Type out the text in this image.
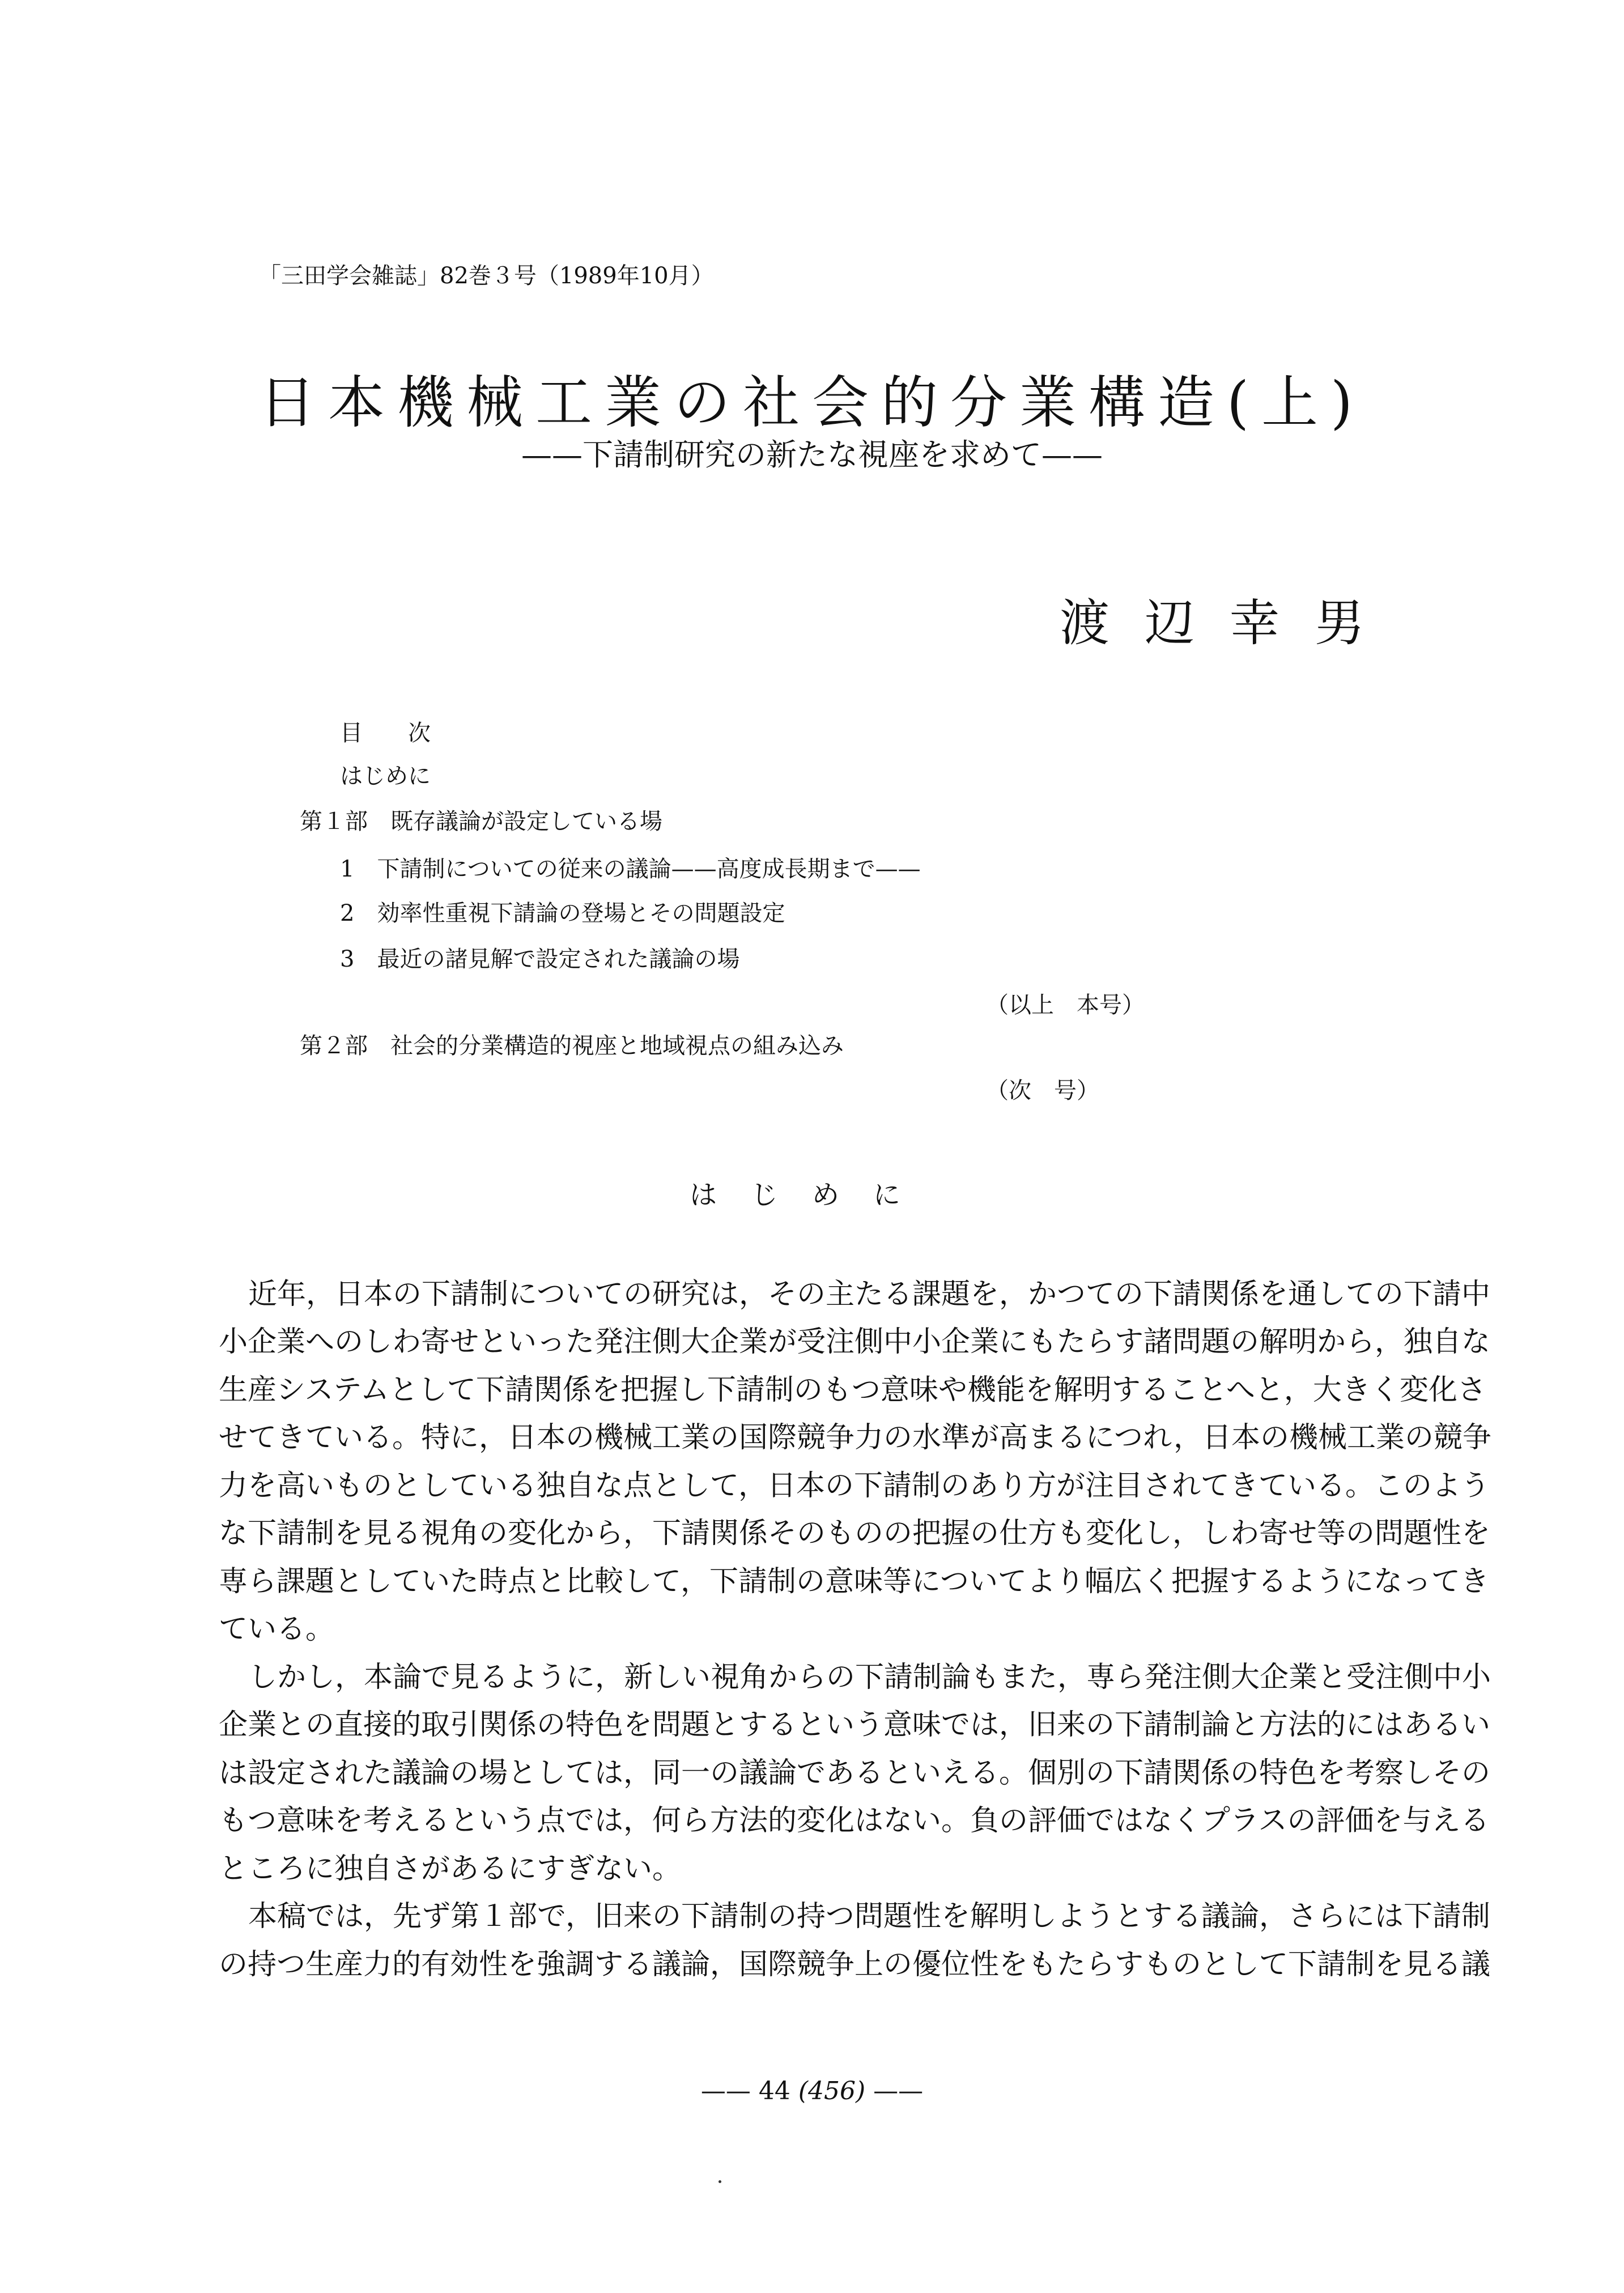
「三田学会雑誌」82巻３号（1989年10月）
日本機械工業の社会的分業構造(上)
——下請制研究の新たな視座を求めて——
渡辺幸男
目　次
はじめに
第１部　既存議論が設定している場
1　下請制についての従来の議論——高度成長期まで——
2　効率性重視下請論の登場とその問題設定
3　最近の諸見解で設定された議論の場
（以上　本号）
第２部　社会的分業構造的視座と地域視点の組み込み
（次　号）
はじめに
近年，日本の下請制についての研究は，その主たる課題を，かつての下請関係を通しての下請中
小企業へのしわ寄せといった発注側大企業が受注側中小企業にもたらす諸問題の解明から，独自な
生産システムとして下請関係を把握し下請制のもつ意味や機能を解明することへと，大きく変化さ
せてきている。特に，日本の機械工業の国際競争力の水準が高まるにつれ，日本の機械工業の競争
力を高いものとしている独自な点として，日本の下請制のあり方が注目されてきている。このよう
な下請制を見る視角の変化から，下請関係そのものの把握の仕方も変化し，しわ寄せ等の問題性を
専ら課題としていた時点と比較して，下請制の意味等についてより幅広く把握するようになってき
ている。
しかし，本論で見るように，新しい視角からの下請制論もまた，専ら発注側大企業と受注側中小
企業との直接的取引関係の特色を問題とするという意味では，旧来の下請制論と方法的にはあるい
は設定された議論の場としては，同一の議論であるといえる。個別の下請関係の特色を考察しその
もつ意味を考えるという点では，何ら方法的変化はない。負の評価ではなくプラスの評価を与える
ところに独自さがあるにすぎない。
本稿では，先ず第１部で，旧来の下請制の持つ問題性を解明しようとする議論，さらには下請制
の持つ生産力的有効性を強調する議論，国際競争上の優位性をもたらすものとして下請制を見る議
—— 44 (456) ——
